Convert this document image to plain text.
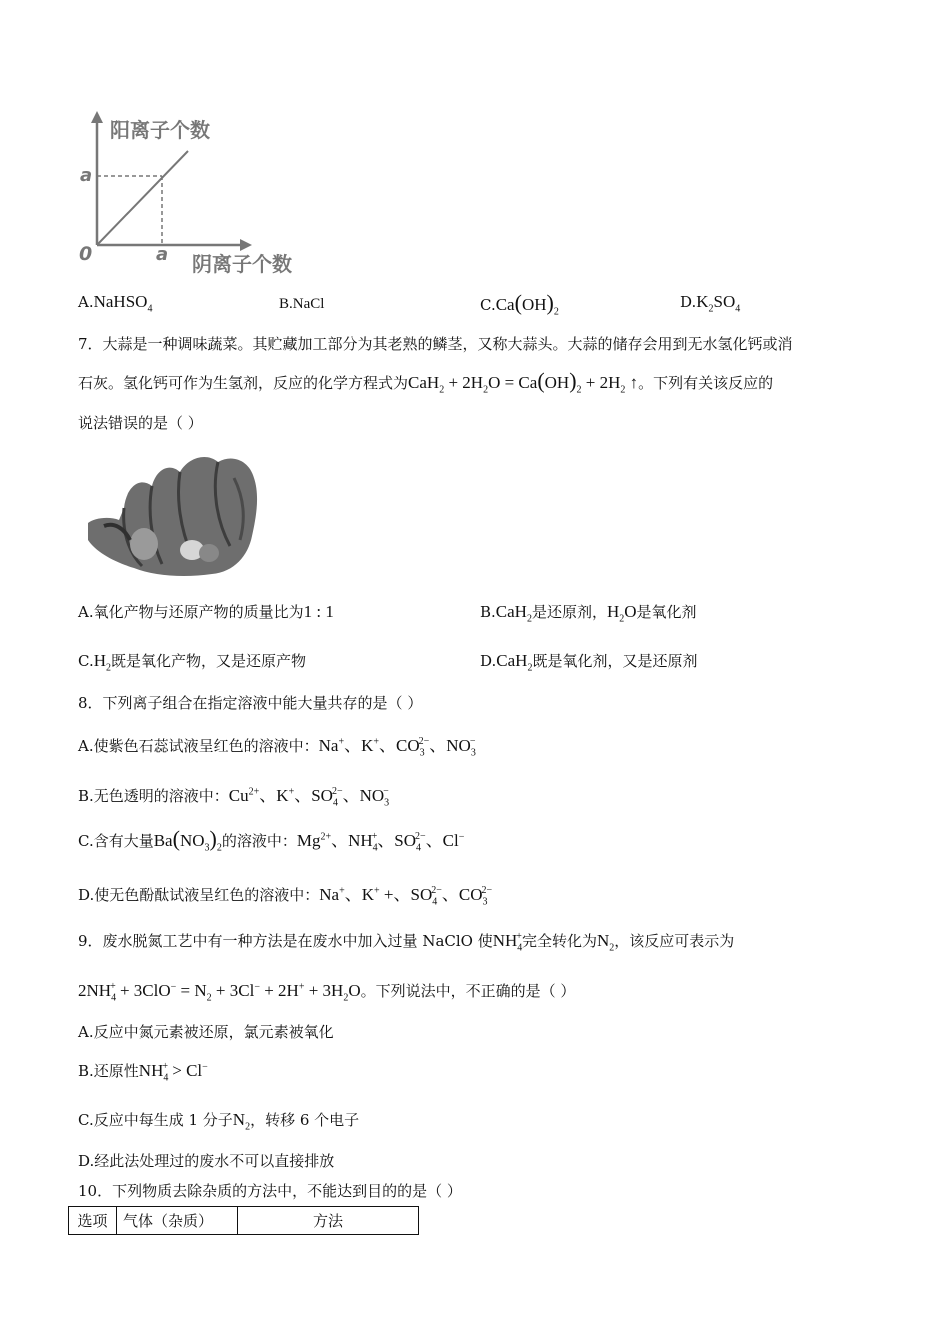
阳离子个数
阴离子个数
0	a
a
A.NaHSO$_4$	B.NaCl	$C.Ca(OH)_2$
$D.K_2SO_4$
7．大蒜是一种调味蔬菜。其贮藏加工部分为其老熟的鳞茎，又称大蒜头。大蒜的储存会用到无水氢化钙或消
石灰。氢化钙可作为生氢剂，反应的化学方程式为$CaH_2 + 2H_2O = Ca(OH)_2 + 2H_2$ ↑。下列有关该反应的
说法错误的是（ ）
A.氧化产物与还原产物的质量比为1 : 1	B.CaH$_2$是还原剂，$H_2O$是氧化剂
$C.H_2$既是氧化产物，又是还原产物	D.CaH$_2$既是氧化剂，又是还原剂
8．下列离子组合在指定溶液中能大量共存的是（ ）
A.使紫色石蕊试液呈红色的溶液中：Na+、K+、$CO_3^{2-}$、$NO_3^-$
B.无色透明的溶液中：$Cu^{2+}$、K+、$SO_4^{2-}$、$NO_3^-$
C.含有大量$Ba(NO_3)_2$的溶液中：$Mg^{2+}$、$NH_4^+$、$SO_4^{2-}$、Cl−
D.使无色酚酞试液呈红色的溶液中：Na+、K+ +、$SO_4^{2-}$、$CO_3^{2-}$
9．废水脱氮工艺中有一种方法是在废水中加入过量 NaClO 使$NH_4^+$完全转化为$N_2$，该反应可表示为
$2NH_4^+ + 3ClO^- = N_2 + 3Cl^- + 2H^+ + 3H_2O$。下列说法中，不正确的是（ ）
A.反应中氮元素被还原，氯元素被氧化
B.还原性$NH_4^+ > Cl^-$
C.反应中每生成 1 分子$N_2$，转移 6 个电子
D.经此法处理过的废水不可以直接排放
10．下列物质去除杂质的方法中，不能达到目的的是（ ）
选项	气体（杂质）	方法
